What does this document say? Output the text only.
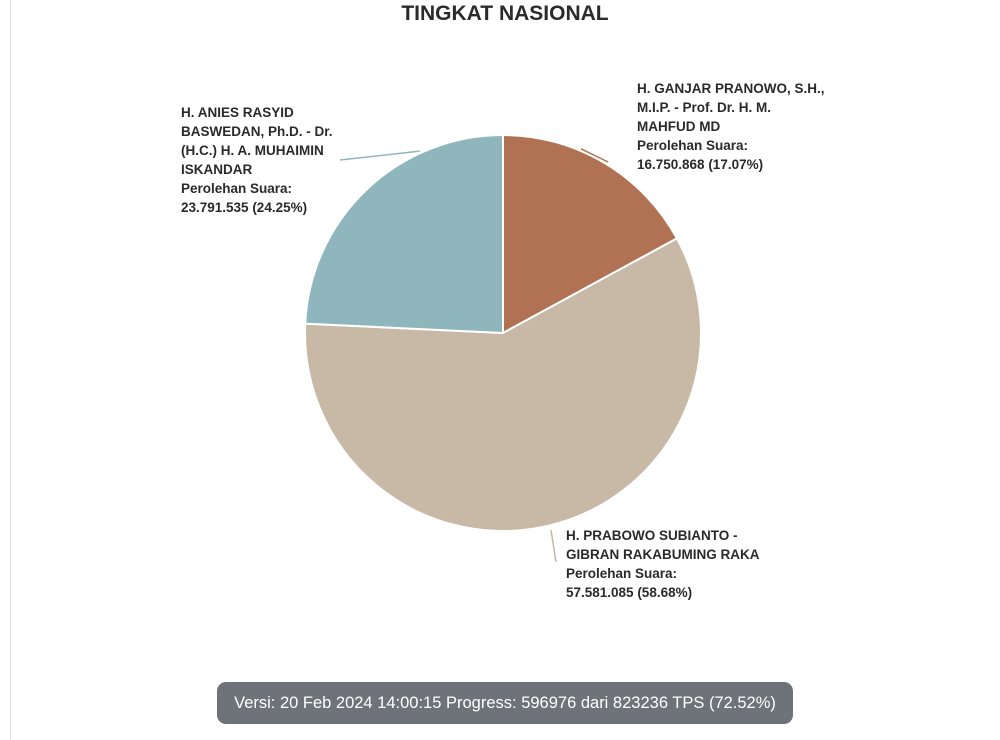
TINGKAT NASIONAL
H. GANJAR PRANOWO, S.H., M.I.P. - Prof. Dr. H. M. MAHFUD MD
Perolehan Suara:
16.750.868 (17.07%)
H. ANIES RASYID BASWEDAN, Ph.D. - Dr. (H.C.) H. A. MUHAIMIN ISKANDAR
Perolehan Suara:
23.791.535 (24.25%)
H. PRABOWO SUBIANTO - GIBRAN RAKABUMING RAKA
Perolehan Suara:
57.581.085 (58.68%)
Versi: 20 Feb 2024 14:00:15 Progress: 596976 dari 823236 TPS (72.52%)
